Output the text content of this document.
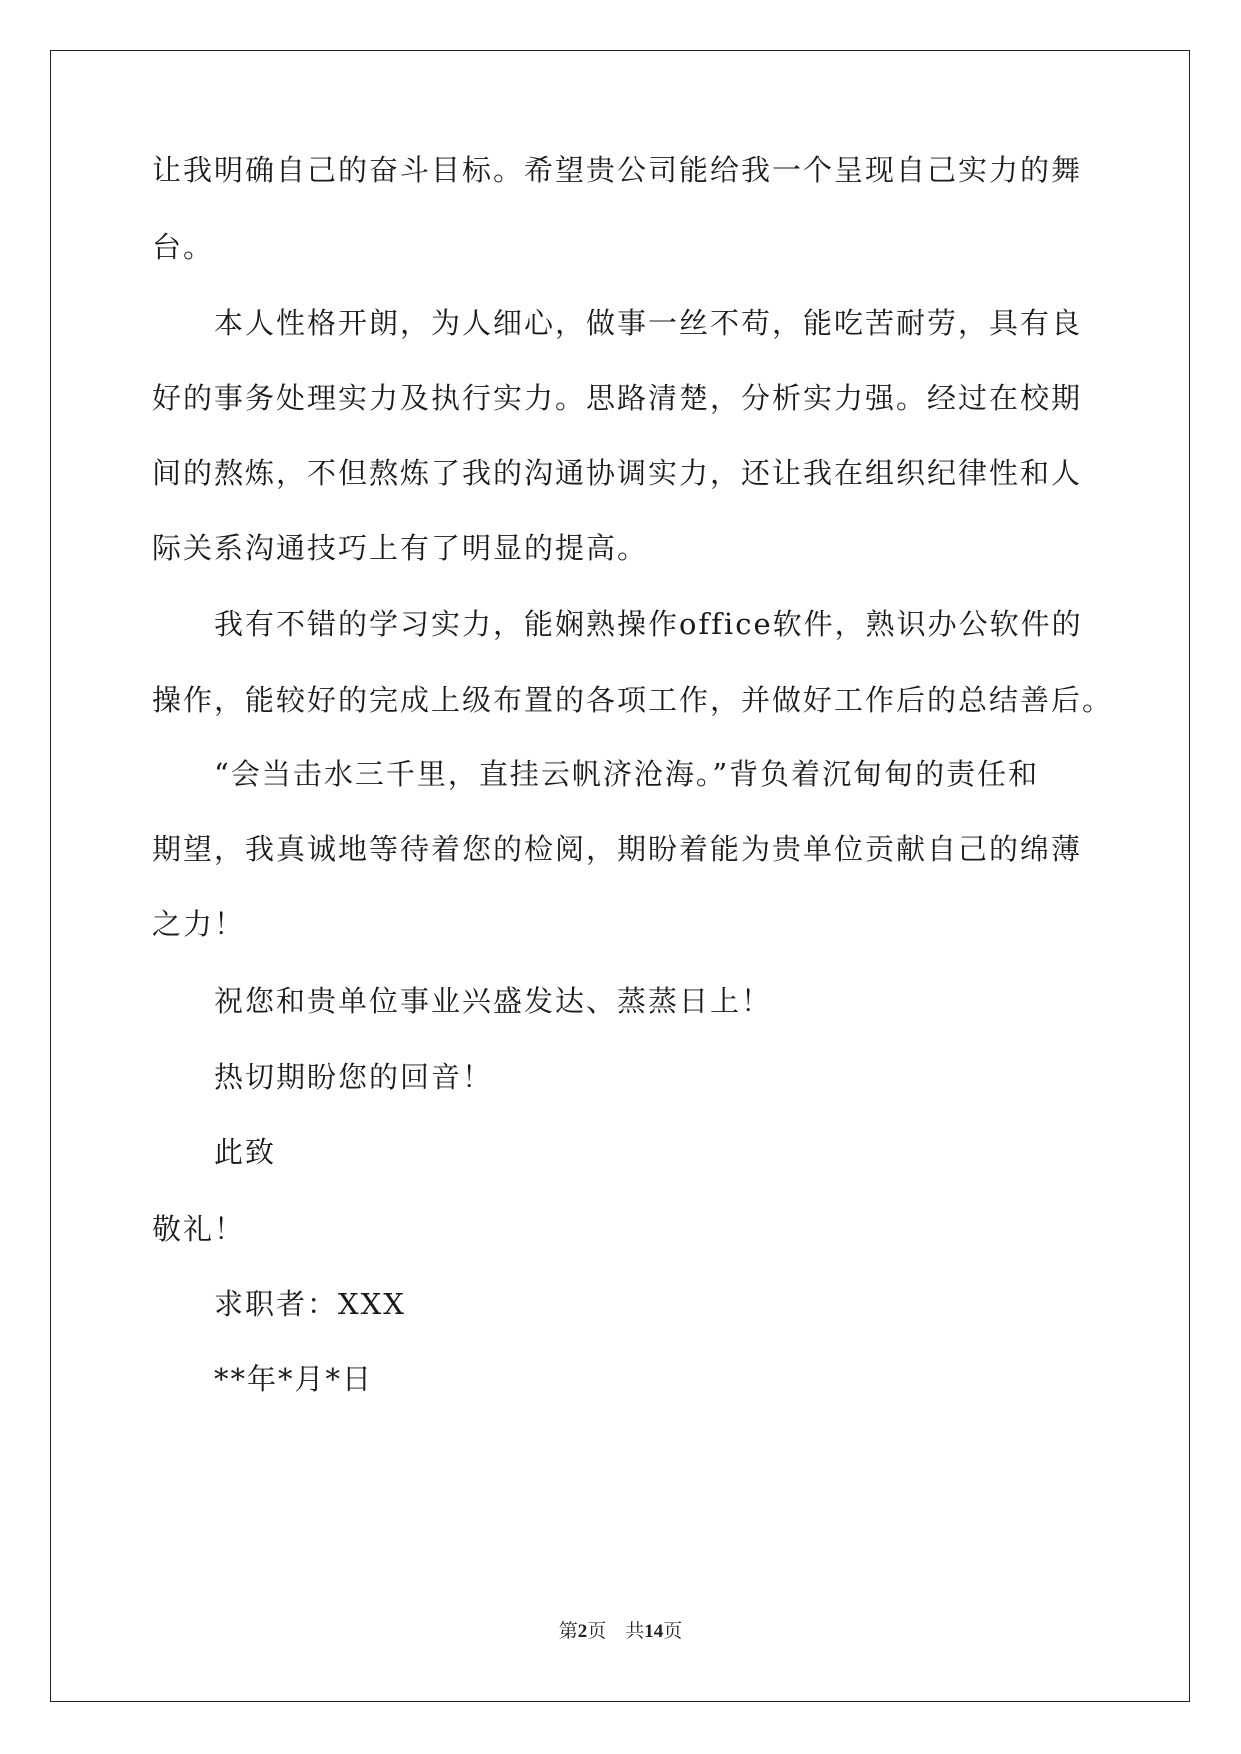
让我明确自己的奋斗目标。希望贵公司能给我一个呈现自己实力的舞
台。
本人性格开朗，为人细心，做事一丝不苟，能吃苦耐劳，具有良
好的事务处理实力及执行实力。思路清楚，分析实力强。经过在校期
间的熬炼，不但熬炼了我的沟通协调实力，还让我在组织纪律性和人
际关系沟通技巧上有了明显的提高。
我有不错的学习实力，能娴熟操作office软件，熟识办公软件的
操作，能较好的完成上级布置的各项工作，并做好工作后的总结善后。
“会当击水三千里，直挂云帆济沧海。”背负着沉甸甸的责任和
期望，我真诚地等待着您的检阅，期盼着能为贵单位贡献自己的绵薄
之力！
祝您和贵单位事业兴盛发达、蒸蒸日上！
热切期盼您的回音！
此致
敬礼！
求职者：XXX
**年*月*日
第2页 共14页
